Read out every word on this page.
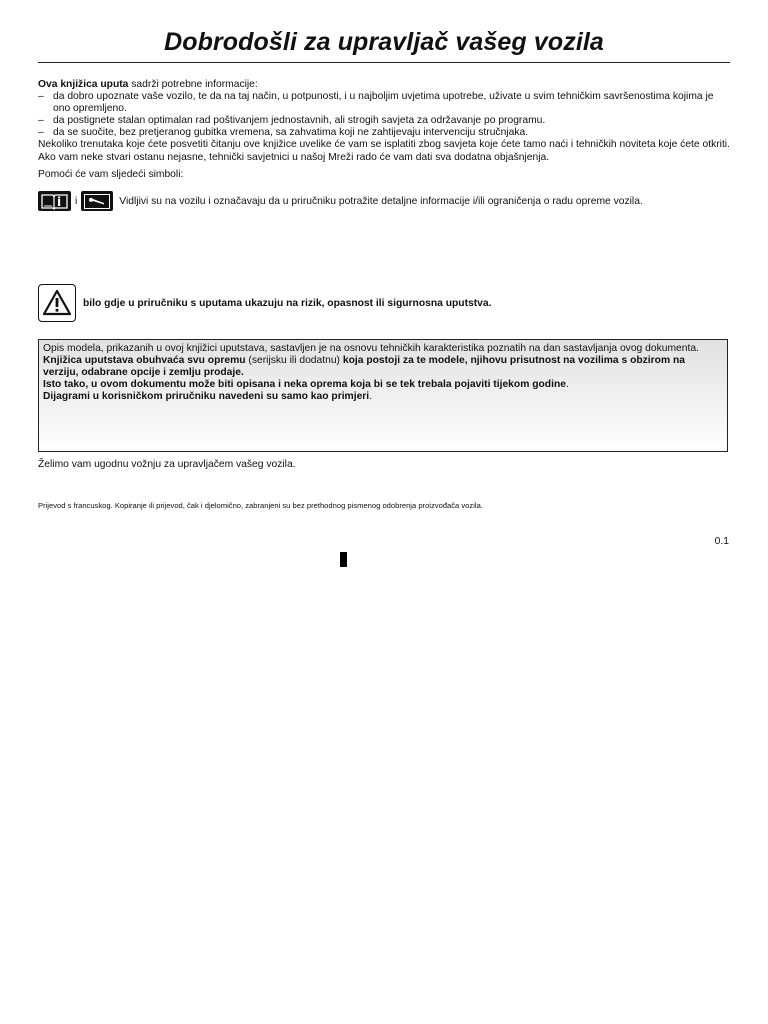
Dobrodošli za upravljač vašeg vozila

Ova knjižica uputa sadrži potrebne informacije:

– da dobro upoznate vaše vozilo, te da na taj način, u potpunosti, i u najboljim uvjetima upotrebe, uživate u svim tehničkim savršenostima kojima je ono opremljeno.
– da postignete stalan optimalan rad poštivanjem jednostavnih, ali strogih savjeta za održavanje po programu.
– da se suočite, bez pretjeranog gubitka vremena, sa zahvatima koji ne zahtijevaju intervenciju stručnjaka.

Nekoliko trenutaka koje ćete posvetiti čitanju ove knjižice uvelike će vam se isplatiti zbog savjeta koje ćete tamo naći i tehničkih noviteta koje ćete otkriti. Ako vam neke stvari ostanu nejasne, tehnički savjetnici u našoj Mreži rado će vam dati sva dodatna objašnjenja.

Pomoći će vam sljedeći simboli:
i	Vidljivi su na vozilu i označavaju da u priručniku potražite detaljne informacije i/ili ograničenja o radu opreme vozila.
bilo gdje u priručniku s uputama ukazuju na rizik, opasnost ili sigurnosna uputstva.

Opis modela, prikazanih u ovoj knjižici uputstava, sastavljen je na osnovu tehničkih karakteristika poznatih na dan sastavljanja ovog dokumenta.

Knjižica uputstava obuhvaća svu opremu (serijsku ili dodatnu) koja postoji za te modele, njihovu prisutnost na vozilima s obzirom na verziju, odabrane opcije i zemlju prodaje.

Isto tako, u ovom dokumentu može biti opisana i neka oprema koja bi se tek trebala pojaviti tijekom godine.

Dijagrami u korisničkom priručniku navedeni su samo kao primjeri.

Želimo vam ugodnu vožnju za upravljačem vašeg vozila.
Prijevod s francuskog. Kopiranje ili prijevod, čak i djelomično, zabranjeni su bez prethodnog pismenog odobrenja proizvođača vozila.
0.1
